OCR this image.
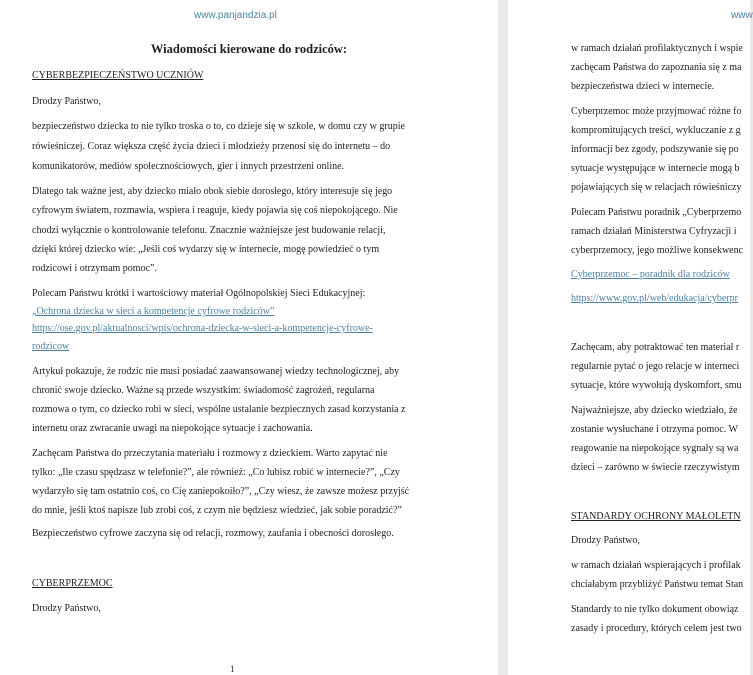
www.panjandzia.pl
Wiadomości kierowane do rodziców:
CYBERBEZPIECZEŃSTWO UCZNIÓW
Drodzy Państwo,
bezpieczeństwo dziecka to nie tylko troska o to, co dzieje się w szkole, w domu czy w grupie
rówieśniczej. Coraz większa część życia dzieci i młodzieży przenosi się do internetu – do
komunikatorów, mediów społecznościowych, gier i innych przestrzeni online.
Dlatego tak ważne jest, aby dziecko miało obok siebie dorosłego, który interesuje się jego
cyfrowym światem, rozmawia, wspiera i reaguje, kiedy pojawia się coś niepokojącego. Nie
chodzi wyłącznie o kontrolowanie telefonu. Znacznie ważniejsze jest budowanie relacji,
dzięki której dziecko wie: „Jeśli coś wydarzy się w internecie, mogę powiedzieć o tym
rodzicowi i otrzymam pomoc”.
Polecam Państwu krótki i wartościowy materiał Ogólnopolskiej Sieci Edukacyjnej:
„Ochrona dziecka w sieci a kompetencje cyfrowe rodziców”
https://ose.gov.pl/aktualnosci/wpis/ochrona-dziecka-w-sieci-a-kompetencje-cyfrowe-
rodzicow
Artykuł pokazuje, że rodzic nie musi posiadać zaawansowanej wiedzy technologicznej, aby
chronić swoje dziecko. Ważne są przede wszystkim: świadomość zagrożeń, regularna
rozmowa o tym, co dziecko robi w sieci, wspólne ustalanie bezpiecznych zasad korzystania z
internetu oraz zwracanie uwagi na niepokojące sytuacje i zachowania.
Zachęcam Państwa do przeczytania materiału i rozmowy z dzieckiem. Warto zapytać nie
tylko: „Ile czasu spędzasz w telefonie?”, ale również: „Co lubisz robić w internecie?”, „Czy
wydarzyło się tam ostatnio coś, co Cię zaniepokoiło?”, „Czy wiesz, że zawsze możesz przyjść
do mnie, jeśli ktoś napisze lub zrobi coś, z czym nie będziesz wiedzieć, jak sobie poradzić?”
Bezpieczeństwo cyfrowe zaczyna się od relacji, rozmowy, zaufania i obecności dorosłego.
CYBERPRZEMOC
Drodzy Państwo,
1
www
w ramach działań profilaktycznych i wspie
zachęcam Państwa do zapoznania się z ma
bezpieczeństwa dzieci w internecie.
Cyberprzemoc może przyjmować różne fo
kompromitujących treści, wykluczanie z g
informacji bez zgody, podszywanie się po
sytuacje występujące w internecie mogą b
pojawiających się w relacjach rówieśniczy
Polecam Państwu poradnik „Cyberprzemo
ramach działań Ministerstwa Cyfryzacji i
cyberprzemocy, jego możliwe konsekwenc
Cyberprzemoc – poradnik dla rodziców
https://www.gov.pl/web/edukacja/cyberpr
Zachęcam, aby potraktować ten materiał r
regularnie pytać o jego relacje w interneci
sytuacje, które wywołują dyskomfort, smu
Najważniejsze, aby dziecko wiedziało, że
zostanie wysłuchane i otrzyma pomoc. W
reagowanie na niepokojące sygnały są wa
dzieci – zarówno w świecie rzeczywistym
STANDARDY OCHRONY MAŁOLETN
Drodzy Państwo,
w ramach działań wspierających i profilak
chciałabym przybliżyć Państwu temat Stan
Standardy to nie tylko dokument obowiąz
zasady i procedury, których celem jest two
